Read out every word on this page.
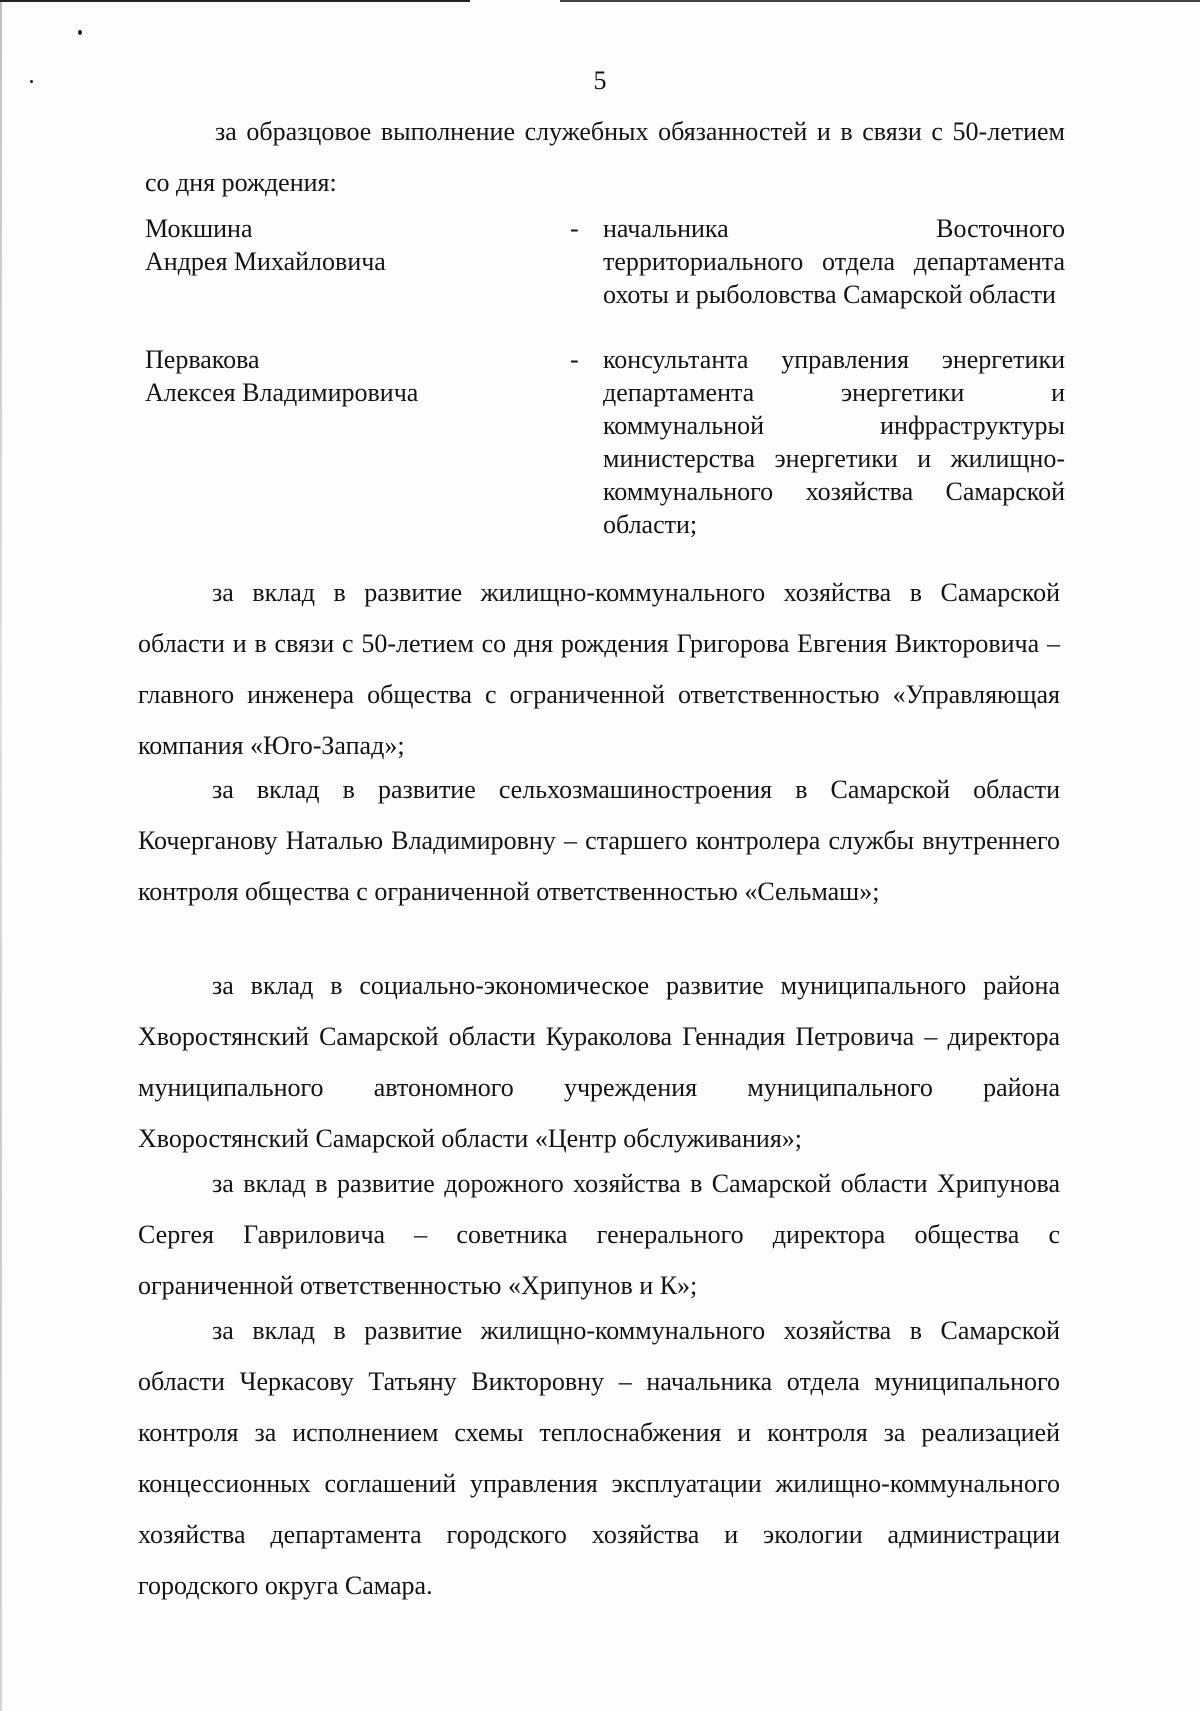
5

за образцовое выполнение служебных обязанностей и в связи с 50-летием со дня рождения:

Мокшина
Андрея Михайловича
- начальника Восточного территориального отдела департамента охоты и рыболовства Самарской области
Первакова
Алексея Владимировича
- консультанта управления энергетики департамента энергетики и коммунальной инфраструктуры министерства энергетики и жилищно-коммунального хозяйства Самарской области;

за вклад в развитие жилищно-коммунального хозяйства в Самарской области и в связи с 50-летием со дня рождения Григорова Евгения Викторовича – главного инженера общества с ограниченной ответственностью «Управляющая компания «Юго-Запад»;

за вклад в развитие сельхозмашиностроения в Самарской области Кочерганову Наталью Владимировну – старшего контролера службы внутреннего контроля общества с ограниченной ответственностью «Сельмаш»;

за вклад в социально-экономическое развитие муниципального района Хворостянский Самарской области Кураколова Геннадия Петровича – директора муниципального автономного учреждения муниципального района Хворостянский Самарской области «Центр обслуживания»;

за вклад в развитие дорожного хозяйства в Самарской области Хрипунова Сергея Гавриловича – советника генерального директора общества с ограниченной ответственностью «Хрипунов и К»;

за вклад в развитие жилищно-коммунального хозяйства в Самарской области Черкасову Татьяну Викторовну – начальника отдела муниципального контроля за исполнением схемы теплоснабжения и контроля за реализацией концессионных соглашений управления эксплуатации жилищно-коммунального хозяйства департамента городского хозяйства и экологии администрации городского округа Самара.
